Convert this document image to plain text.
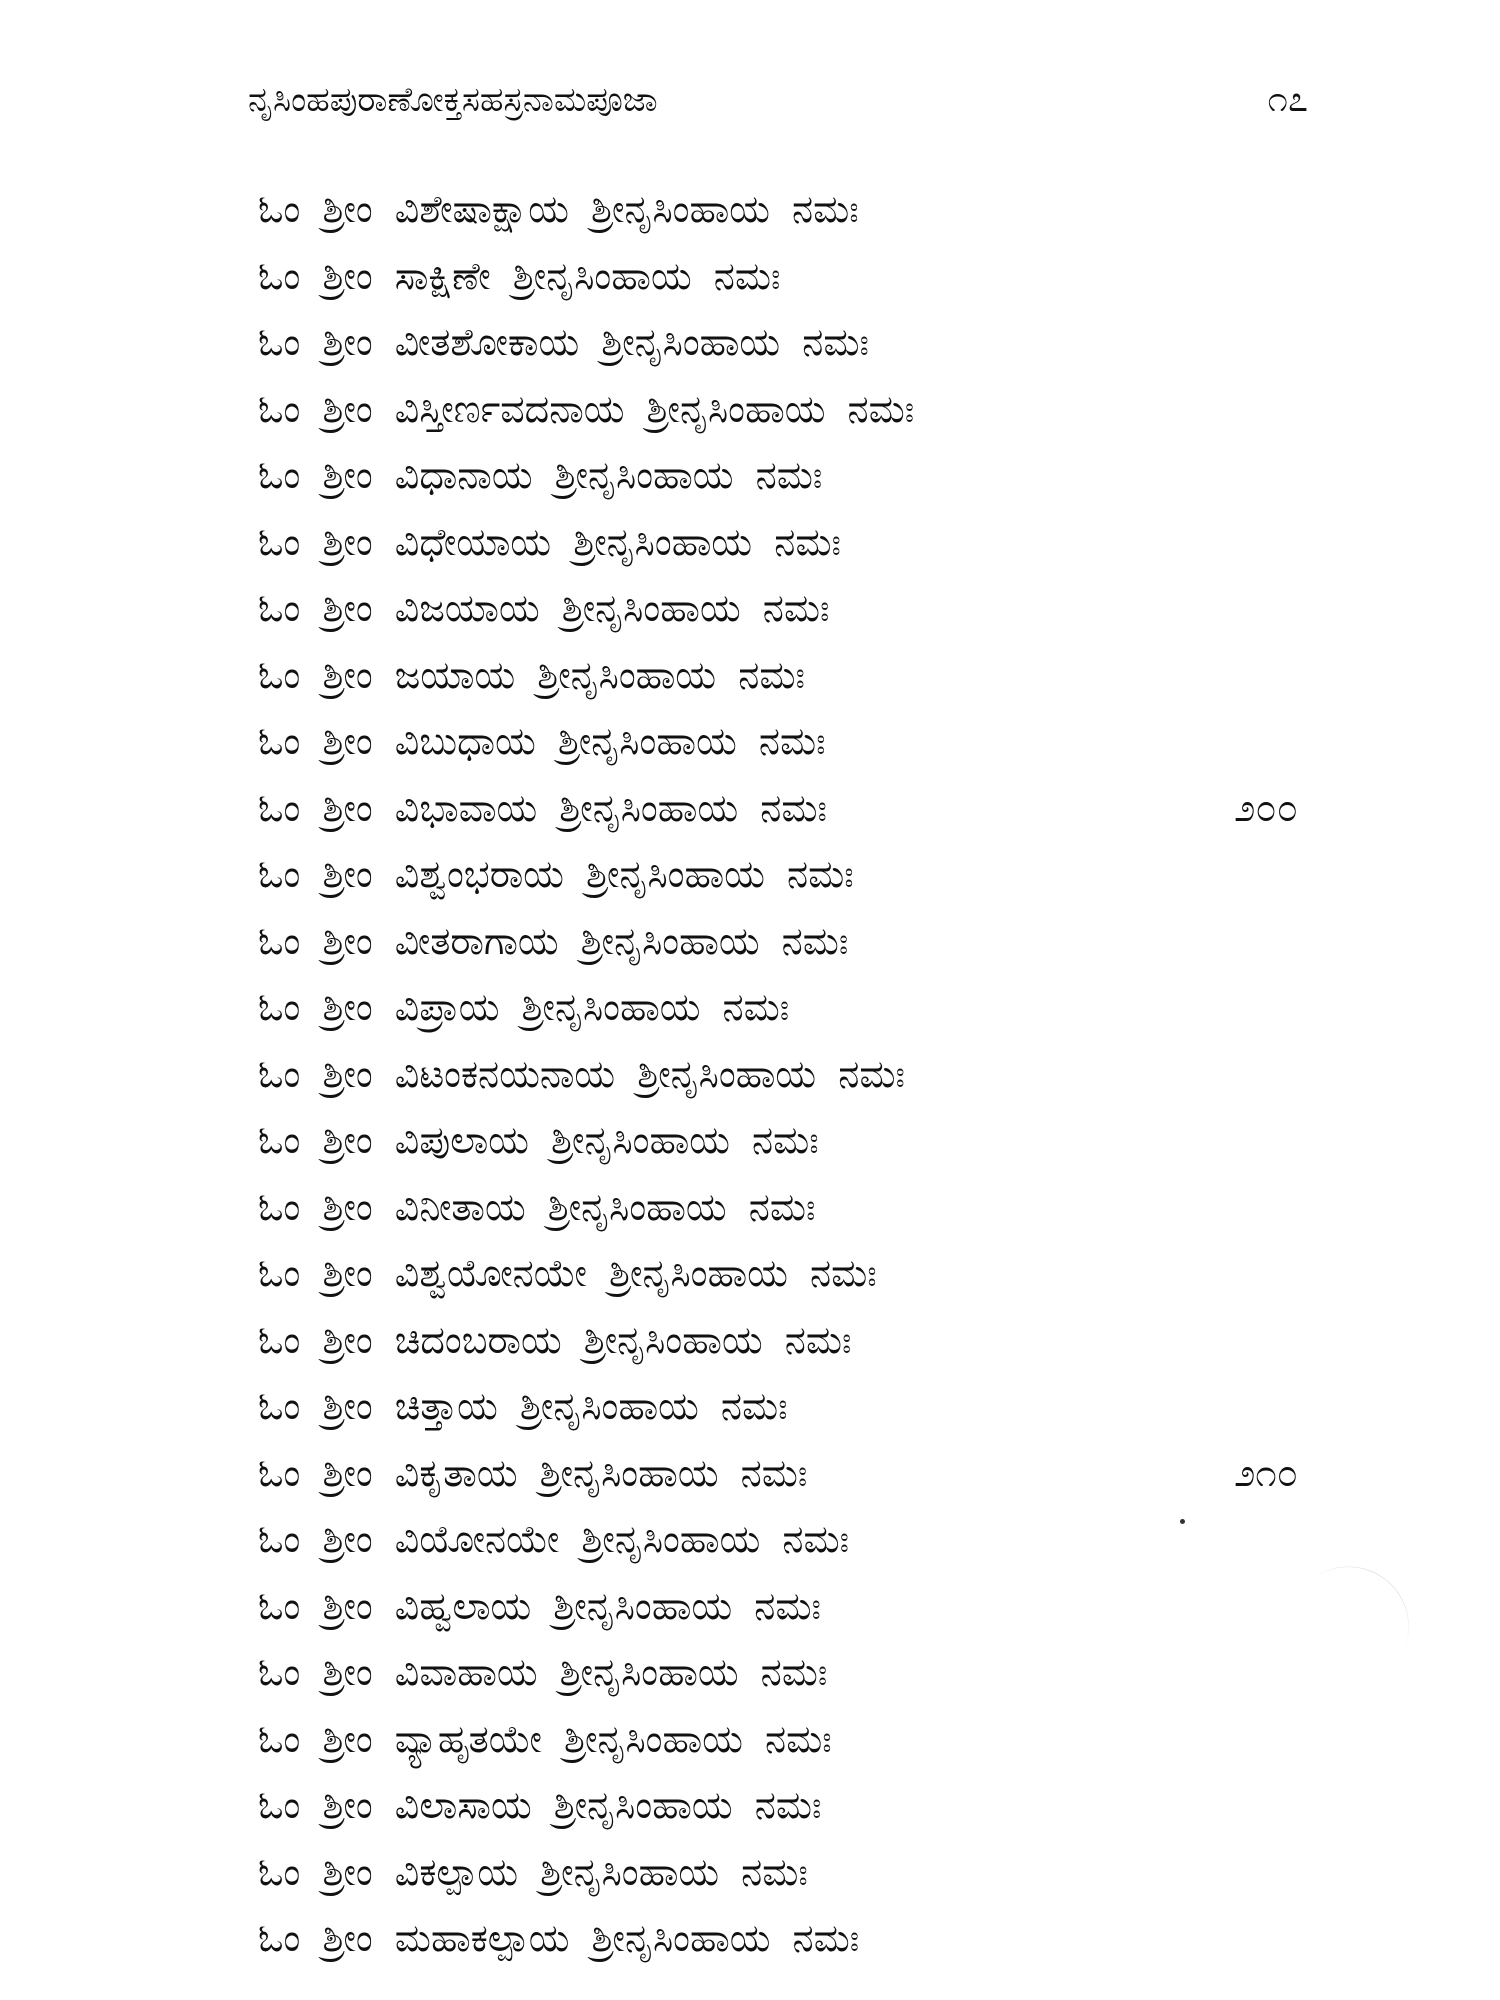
ನೃಸಿಂಹಪುರಾಣೋಕ್ತಸಹಸ್ರನಾಮಪೂಜಾ	೧೭
ಓಂ ಶ್ರೀಂ ವಿಶೇಷಾಕ್ಷಾಯ ಶ್ರೀನೃಸಿಂಹಾಯ ನಮಃ
ಓಂ ಶ್ರೀಂ ಸಾಕ್ಷಿಣೇ ಶ್ರೀನೃಸಿಂಹಾಯ ನಮಃ
ಓಂ ಶ್ರೀಂ ವೀತಶೋಕಾಯ ಶ್ರೀನೃಸಿಂಹಾಯ ನಮಃ
ಓಂ ಶ್ರೀಂ ವಿಸ್ತೀರ್ಣವದನಾಯ ಶ್ರೀನೃಸಿಂಹಾಯ ನಮಃ
ಓಂ ಶ್ರೀಂ ವಿಧಾನಾಯ ಶ್ರೀನೃಸಿಂಹಾಯ ನಮಃ
ಓಂ ಶ್ರೀಂ ವಿಧೇಯಾಯ ಶ್ರೀನೃಸಿಂಹಾಯ ನಮಃ
ಓಂ ಶ್ರೀಂ ವಿಜಯಾಯ ಶ್ರೀನೃಸಿಂಹಾಯ ನಮಃ
ಓಂ ಶ್ರೀಂ ಜಯಾಯ ಶ್ರೀನೃಸಿಂಹಾಯ ನಮಃ
ಓಂ ಶ್ರೀಂ ವಿಬುಧಾಯ ಶ್ರೀನೃಸಿಂಹಾಯ ನಮಃ
ಓಂ ಶ್ರೀಂ ವಿಭಾವಾಯ ಶ್ರೀನೃಸಿಂಹಾಯ ನಮಃ	೨೦೦
ಓಂ ಶ್ರೀಂ ವಿಶ್ವಂಭರಾಯ ಶ್ರೀನೃಸಿಂಹಾಯ ನಮಃ
ಓಂ ಶ್ರೀಂ ವೀತರಾಗಾಯ ಶ್ರೀನೃಸಿಂಹಾಯ ನಮಃ
ಓಂ ಶ್ರೀಂ ವಿಪ್ರಾಯ ಶ್ರೀನೃಸಿಂಹಾಯ ನಮಃ
ಓಂ ಶ್ರೀಂ ವಿಟಂಕನಯನಾಯ ಶ್ರೀನೃಸಿಂಹಾಯ ನಮಃ
ಓಂ ಶ್ರೀಂ ವಿಪುಲಾಯ ಶ್ರೀನೃಸಿಂಹಾಯ ನಮಃ
ಓಂ ಶ್ರೀಂ ವಿನೀತಾಯ ಶ್ರೀನೃಸಿಂಹಾಯ ನಮಃ
ಓಂ ಶ್ರೀಂ ವಿಶ್ವಯೋನಯೇ ಶ್ರೀನೃಸಿಂಹಾಯ ನಮಃ
ಓಂ ಶ್ರೀಂ ಚಿದಂಬರಾಯ ಶ್ರೀನೃಸಿಂಹಾಯ ನಮಃ
ಓಂ ಶ್ರೀಂ ಚಿತ್ತಾಯ ಶ್ರೀನೃಸಿಂಹಾಯ ನಮಃ
ಓಂ ಶ್ರೀಂ ವಿಕೃತಾಯ ಶ್ರೀನೃಸಿಂಹಾಯ ನಮಃ	೨೧೦
ಓಂ ಶ್ರೀಂ ವಿಯೋನಯೇ ಶ್ರೀನೃಸಿಂಹಾಯ ನಮಃ
ಓಂ ಶ್ರೀಂ ವಿಹ್ವಲಾಯ ಶ್ರೀನೃಸಿಂಹಾಯ ನಮಃ
ಓಂ ಶ್ರೀಂ ವಿವಾಹಾಯ ಶ್ರೀನೃಸಿಂಹಾಯ ನಮಃ
ಓಂ ಶ್ರೀಂ ವ್ಯಾಹೃತಯೇ ಶ್ರೀನೃಸಿಂಹಾಯ ನಮಃ
ಓಂ ಶ್ರೀಂ ವಿಲಾಸಾಯ ಶ್ರೀನೃಸಿಂಹಾಯ ನಮಃ
ಓಂ ಶ್ರೀಂ ವಿಕಲ್ಪಾಯ ಶ್ರೀನೃಸಿಂಹಾಯ ನಮಃ
ಓಂ ಶ್ರೀಂ ಮಹಾಕಲ್ಪಾಯ ಶ್ರೀನೃಸಿಂಹಾಯ ನಮಃ
